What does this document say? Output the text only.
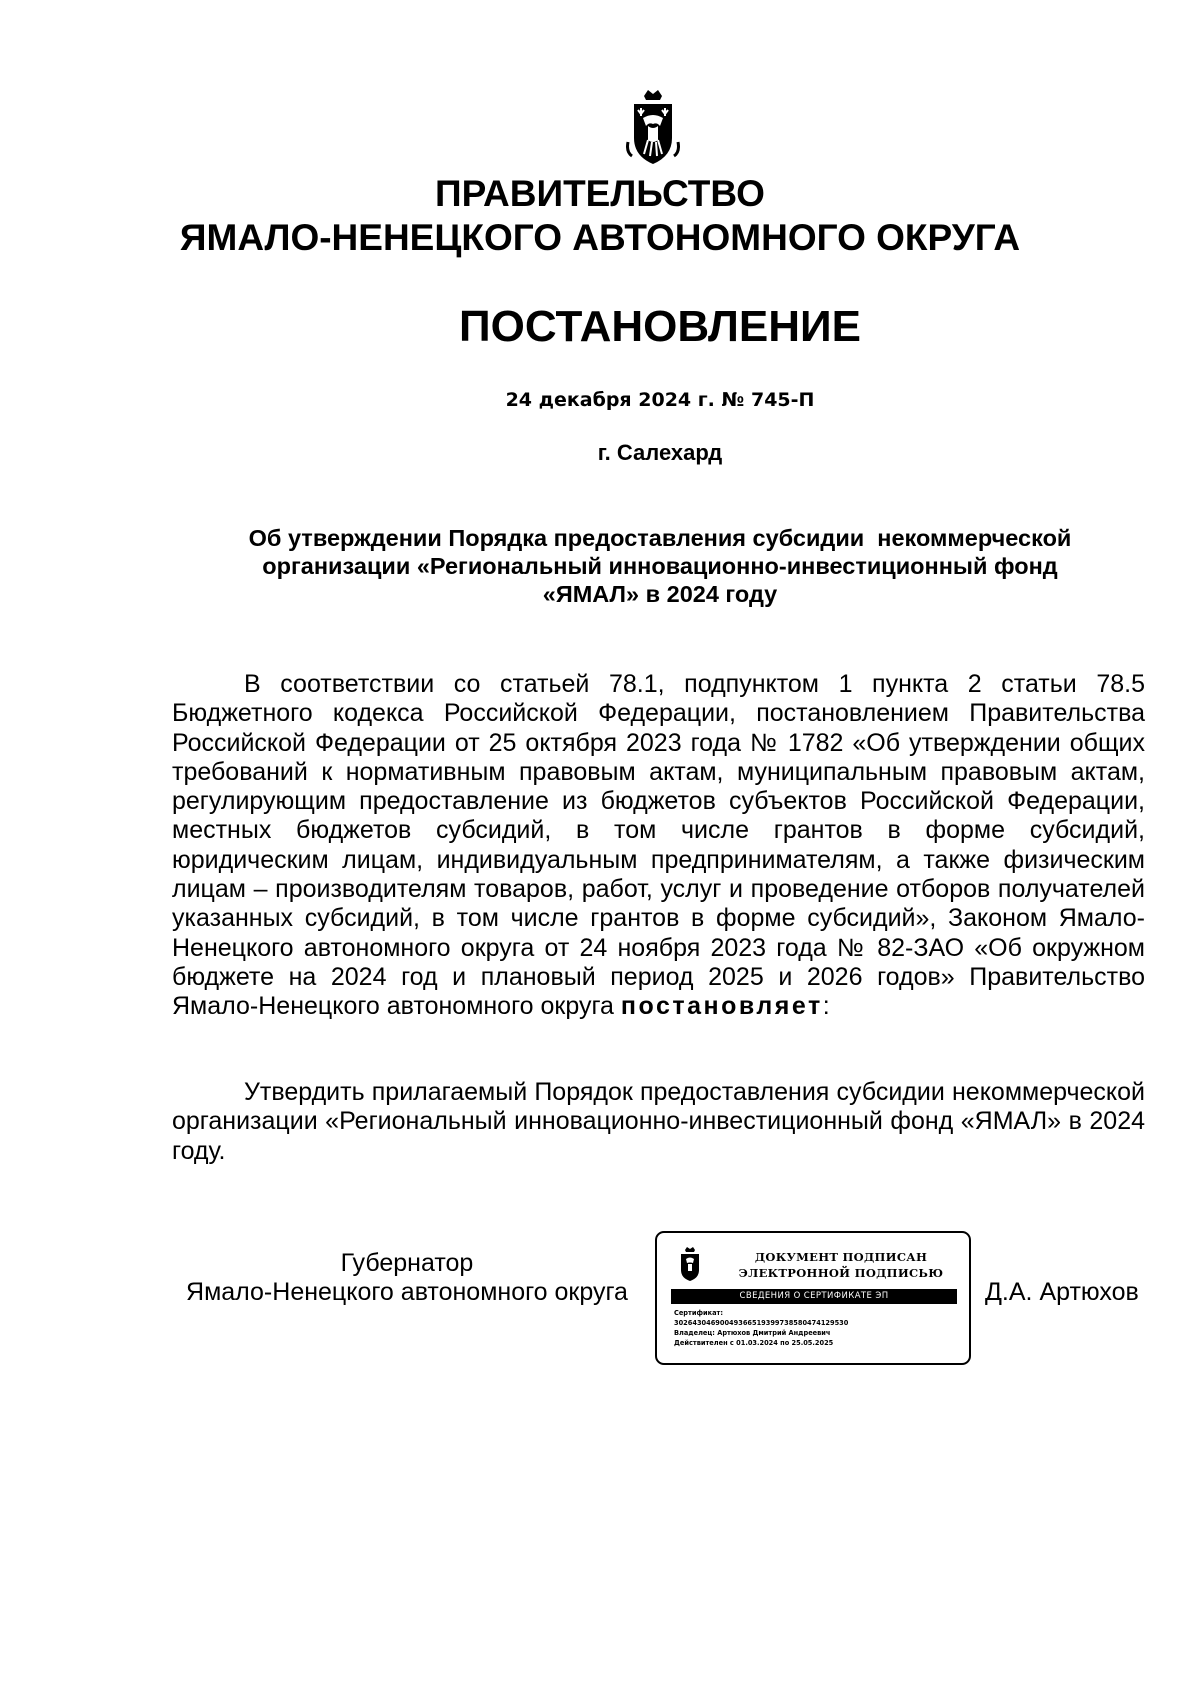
ПРАВИТЕЛЬСТВО
ЯМАЛО-НЕНЕЦКОГО АВТОНОМНОГО ОКРУГА
ПОСТАНОВЛЕНИЕ
24 декабря 2024 г. № 745-П
г. Салехард
Об утверждении Порядка предоставления субсидии  некоммерческой
организации «Региональный инновационно-инвестиционный фонд
«ЯМАЛ» в 2024 году
В соответствии со статьей 78.1, подпунктом 1 пункта 2 статьи 78.5 Бюджетного кодекса Российской Федерации, постановлением Правительства Российской Федерации от 25 октября 2023 года № 1782 «Об утверждении общих требований к нормативным правовым актам, муниципальным правовым актам, регулирующим предоставление из бюджетов субъектов Российской Федерации, местных бюджетов субсидий, в том числе грантов в форме субсидий, юридическим лицам, индивидуальным предпринимателям, а также физическим лицам – производителям товаров, работ, услуг и проведение отборов получателей указанных субсидий, в том числе грантов в форме субсидий», Законом Ямало-Ненецкого автономного округа от 24 ноября 2023 года № 82-ЗАО «Об окружном бюджете на 2024 год и плановый период 2025 и 2026 годов» Правительство Ямало-Ненецкого автономного округа постановляет:
Утвердить прилагаемый Порядок предоставления субсидии некоммерческой организации «Региональный инновационно-инвестиционный фонд «ЯМАЛ» в 2024 году.
Губернатор
Ямало-Ненецкого автономного округа	Д.А. Артюхов
ДОКУМЕНТ ПОДПИСАН
ЭЛЕКТРОННОЙ ПОДПИСЬЮ
СВЕДЕНИЯ О СЕРТИФИКАТЕ ЭП
Сертификат:
30264304690049366519399738580474129530
Владелец: Артюхов Дмитрий Андреевич
Действителен с 01.03.2024 по 25.05.2025
